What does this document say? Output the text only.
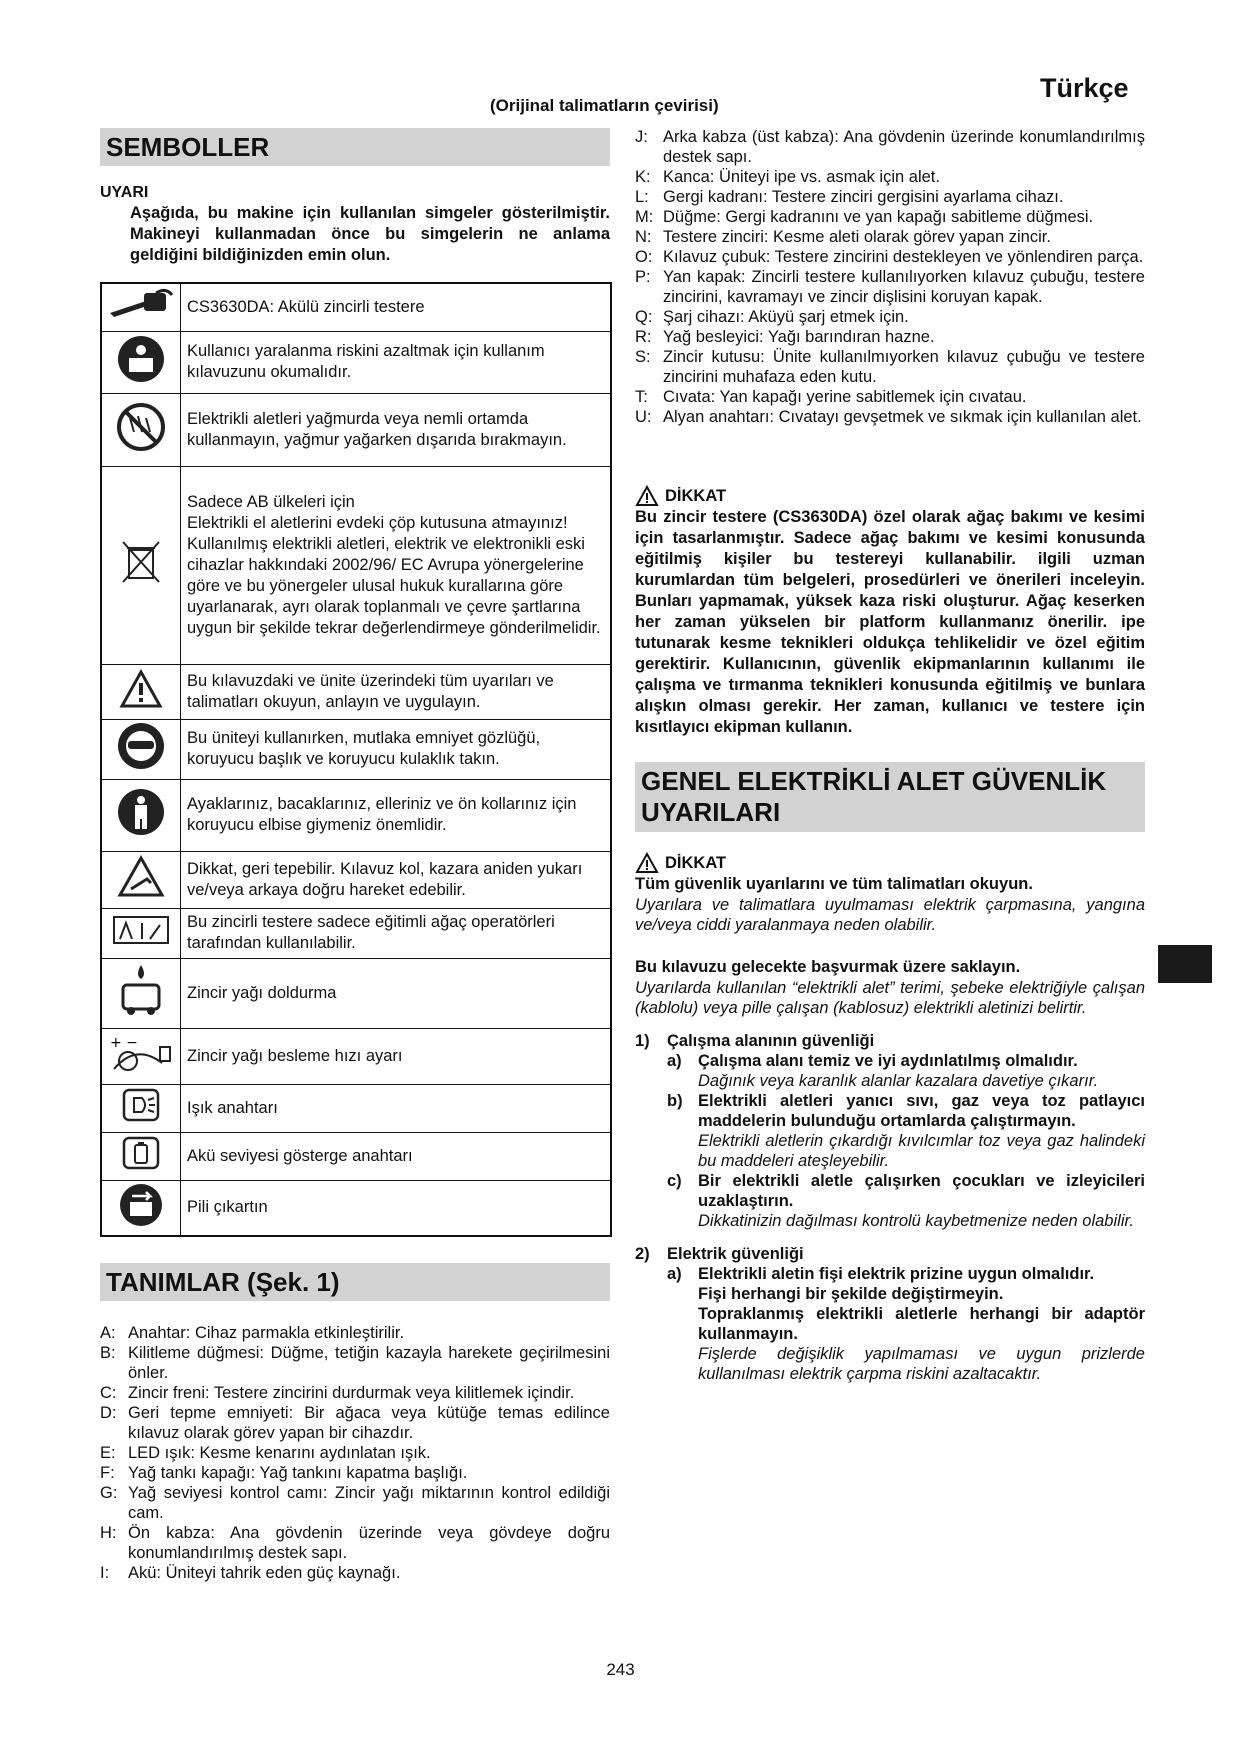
(Orijinal talimatların çevirisi)
Türkçe
SEMBOLLER
UYARI
Aşağıda, bu makine için kullanılan simgeler gösterilmiştir. Makineyi kullanmadan önce bu simgelerin ne anlama geldiğini bildiğinizden emin olun.
	CS3630DA: Akülü zincirli testere
	Kullanıcı yaralanma riskini azaltmak için kullanım kılavuzunu okumalıdır.
	Elektrikli aletleri yağmurda veya nemli ortamda kullanmayın, yağmur yağarken dışarıda bırakmayın.
	Sadece AB ülkeleri için
Elektrikli el aletlerini evdeki çöp kutusuna atmayınız!
Kullanılmış elektrikli aletleri, elektrik ve elektronikli eski cihazlar hakkındaki 2002/96/ EC Avrupa yönergelerine göre ve bu yönergeler ulusal hukuk kurallarına göre uyarlanarak, ayrı olarak toplanmalı ve çevre şartlarına uygun bir şekilde tekrar değerlendirmeye gönderilmelidir.
	Bu kılavuzdaki ve ünite üzerindeki tüm uyarıları ve talimatları okuyun, anlayın ve uygulayın.
	Bu üniteyi kullanırken, mutlaka emniyet gözlüğü, koruyucu başlık ve koruyucu kulaklık takın.
	Ayaklarınız, bacaklarınız, elleriniz ve ön kollarınız için koruyucu elbise giymeniz önemlidir.
	Dikkat, geri tepebilir. Kılavuz kol, kazara aniden yukarı ve/veya arkaya doğru hareket edebilir.
	Bu zincirli testere sadece eğitimli ağaç operatörleri tarafından kullanılabilir.
	Zincir yağı doldurma

+ −	Zincir yağı besleme hızı ayarı
	Işık anahtarı
	Akü seviyesi gösterge anahtarı
	Pili çıkartın
TANIMLAR (Şek. 1)
A: Anahtar: Cihaz parmakla etkinleştirilir.
B: Kilitleme düğmesi: Düğme, tetiğin kazayla harekete geçirilmesini önler.
C: Zincir freni: Testere zincirini durdurmak veya kilitlemek içindir.
D: Geri tepme emniyeti: Bir ağaca veya kütüğe temas edilince kılavuz olarak görev yapan bir cihazdır.
E: LED ışık: Kesme kenarını aydınlatan ışık.
F: Yağ tankı kapağı: Yağ tankını kapatma başlığı.
G: Yağ seviyesi kontrol camı: Zincir yağı miktarının kontrol edildiği cam.
H: Ön kabza: Ana gövdenin üzerinde veya gövdeye doğru konumlandırılmış destek sapı.
I:	Akü: Üniteyi tahrik eden güç kaynağı.
J: Arka kabza (üst kabza): Ana gövdenin üzerinde konumlandırılmış destek sapı.
K: Kanca: Üniteyi ipe vs. asmak için alet.
L: Gergi kadranı: Testere zinciri gergisini ayarlama cihazı.
M: Düğme: Gergi kadranını ve yan kapağı sabitleme düğmesi.
N: Testere zinciri: Kesme aleti olarak görev yapan zincir.
O: Kılavuz çubuk: Testere zincirini destekleyen ve yönlendiren parça.
P: Yan kapak: Zincirli testere kullanılıyorken kılavuz çubuğu, testere zincirini, kavramayı ve zincir dişlisini koruyan kapak.
Q: Şarj cihazı: Aküyü şarj etmek için.
R: Yağ besleyici: Yağı barındıran hazne.
S: Zincir kutusu: Ünite kullanılmıyorken kılavuz çubuğu ve testere zincirini muhafaza eden kutu.
T: Cıvata: Yan kapağı yerine sabitlemek için cıvatau.
U: Alyan anahtarı: Cıvatayı gevşetmek ve sıkmak için kullanılan alet.
DİKKAT
Bu zincir testere (CS3630DA) özel olarak ağaç bakımı ve kesimi için tasarlanmıştır. Sadece ağaç bakımı ve kesimi konusunda eğitilmiş kişiler bu testereyi kullanabilir. ilgili uzman kurumlardan tüm belgeleri, prosedürleri ve önerileri inceleyin. Bunları yapmamak, yüksek kaza riski oluşturur. Ağaç keserken her zaman yükselen bir platform kullanmanız önerilir. ipe tutunarak kesme teknikleri oldukça tehlikelidir ve özel eğitim gerektirir. Kullanıcının, güvenlik ekipmanlarının kullanımı ile çalışma ve tırmanma teknikleri konusunda eğitilmiş ve bunlara alışkın olması gerekir. Her zaman, kullanıcı ve testere için kısıtlayıcı ekipman kullanın.
GENEL ELEKTRİKLİ ALET GÜVENLİK UYARILARI
DİKKAT
Tüm güvenlik uyarılarını ve tüm talimatları okuyun.
Uyarılara ve talimatlara uyulmaması elektrik çarpmasına, yangına ve/veya ciddi yaralanmaya neden olabilir.
Bu kılavuzu gelecekte başvurmak üzere saklayın.
Uyarılarda kullanılan “elektrikli alet” terimi, şebeke elektriğiyle çalışan (kablolu) veya pille çalışan (kablosuz) elektrikli aletinizi belirtir.
1)	Çalışma alanının güvenliği
a) Çalışma alanı temiz ve iyi aydınlatılmış olmalıdır.
Dağınık veya karanlık alanlar kazalara davetiye çıkarır.
b) Elektrikli aletleri yanıcı sıvı, gaz veya toz patlayıcı maddelerin bulunduğu ortamlarda çalıştırmayın.
Elektrikli aletlerin çıkardığı kıvılcımlar toz veya gaz halindeki bu maddeleri ateşleyebilir.
c) Bir elektrikli aletle çalışırken çocukları ve izleyicileri uzaklaştırın.
Dikkatinizin dağılması kontrolü kaybetmenize neden olabilir.
2)	Elektrik güvenliği
a) Elektrikli aletin fişi elektrik prizine uygun olmalıdır.
Fişi herhangi bir şekilde değiştirmeyin.
Topraklanmış elektrikli aletlerle herhangi bir adaptör kullanmayın.
Fişlerde değişiklik yapılmaması ve uygun prizlerde kullanılması elektrik çarpma riskini azaltacaktır.
243
